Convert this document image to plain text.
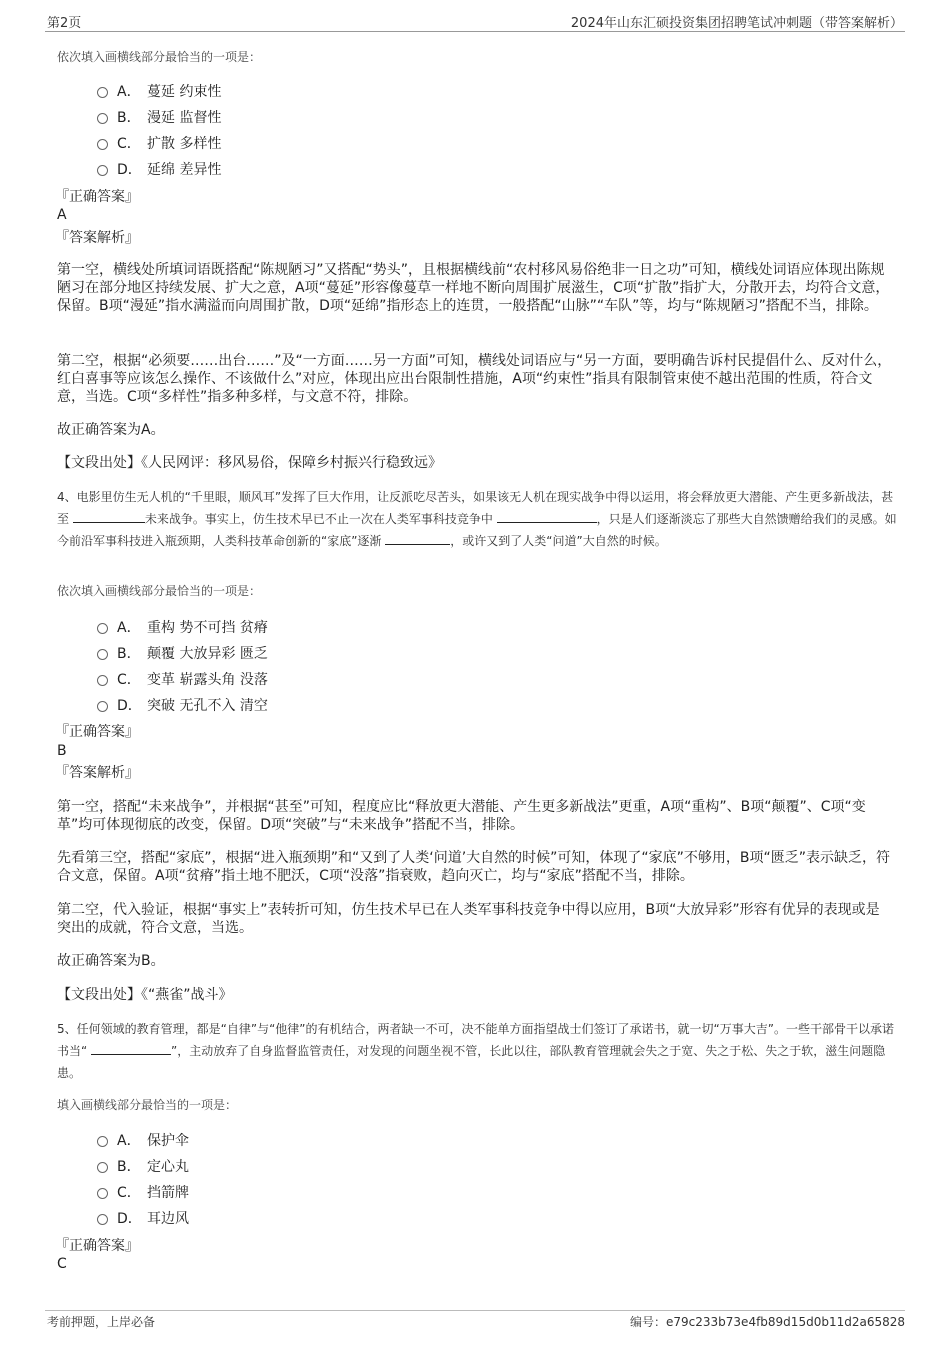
第2页	2024年山东汇硕投资集团招聘笔试冲刺题（带答案解析）
依次填入画横线部分最恰当的一项是：
A． 蔓延 约束性
B． 漫延 监督性
C． 扩散 多样性
D． 延绵 差异性
『正确答案』
A
『答案解析』
第一空，横线处所填词语既搭配“陈规陋习”又搭配“势头”，且根据横线前“农村移风易俗绝非一日之功”可知，横线处词语应体现出陈规陋习在部分地区持续发展、扩大之意，A项“蔓延”形容像蔓草一样地不断向周围扩展滋生，C项“扩散”指扩大，分散开去，均符合文意，保留。B项“漫延”指水满溢而向周围扩散，D项“延绵”指形态上的连贯，一般搭配“山脉”“车队”等，均与“陈规陋习”搭配不当，排除。
第二空，根据“必须要……出台……”及“一方面……另一方面”可知，横线处词语应与“另一方面，要明确告诉村民提倡什么、反对什么，红白喜事等应该怎么操作、不该做什么”对应，体现出应出台限制性措施，A项“约束性”指具有限制管束使不越出范围的性质，符合文意，当选。C项“多样性”指多种多样，与文意不符，排除。
故正确答案为A。
【文段出处】《人民网评：移风易俗，保障乡村振兴行稳致远》
4、电影里仿生无人机的“千里眼，顺风耳”发挥了巨大作用，让反派吃尽苦头，如果该无人机在现实战争中得以运用，将会释放更大潜能、产生更多新战法，甚至	未来战争。事实上，仿生技术早已不止一次在人类军事科技竞争中	，只是人们逐渐淡忘了那些大自然馈赠给我们的灵感。如今前沿军事科技进入瓶颈期，人类科技革命创新的“家底”逐渐	，或许又到了人类“问道”大自然的时候。
依次填入画横线部分最恰当的一项是：
A． 重构 势不可挡 贫瘠
B． 颠覆 大放异彩 匮乏
C． 变革 崭露头角 没落
D． 突破 无孔不入 清空
『正确答案』
B
『答案解析』
第一空，搭配“未来战争”，并根据“甚至”可知，程度应比“释放更大潜能、产生更多新战法”更重，A项“重构”、B项“颠覆”、C项“变革”均可体现彻底的改变，保留。D项“突破”与“未来战争”搭配不当，排除。
先看第三空，搭配“家底”，根据“进入瓶颈期”和“又到了人类‘问道’大自然的时候”可知，体现了“家底”不够用，B项“匮乏”表示缺乏，符合文意，保留。A项“贫瘠”指土地不肥沃，C项“没落”指衰败，趋向灭亡，均与“家底”搭配不当，排除。
第二空，代入验证，根据“事实上”表转折可知，仿生技术早已在人类军事科技竞争中得以应用，B项“大放异彩”形容有优异的表现或是突出的成就，符合文意，当选。
故正确答案为B。
【文段出处】《“燕雀”战斗》
5、任何领域的教育管理，都是“自律”与“他律”的有机结合，两者缺一不可，决不能单方面指望战士们签订了承诺书，就一切“万事大吉”。一些干部骨干以承诺书当“	”，主动放弃了自身监督监管责任，对发现的问题坐视不管，长此以往，部队教育管理就会失之于宽、失之于松、失之于软，滋生问题隐患。
填入画横线部分最恰当的一项是：
A． 保护伞
B． 定心丸
C． 挡箭牌
D． 耳边风
『正确答案』
C
考前押题，上岸必备	编号：e79c233b73e4fb89d15d0b11d2a65828
